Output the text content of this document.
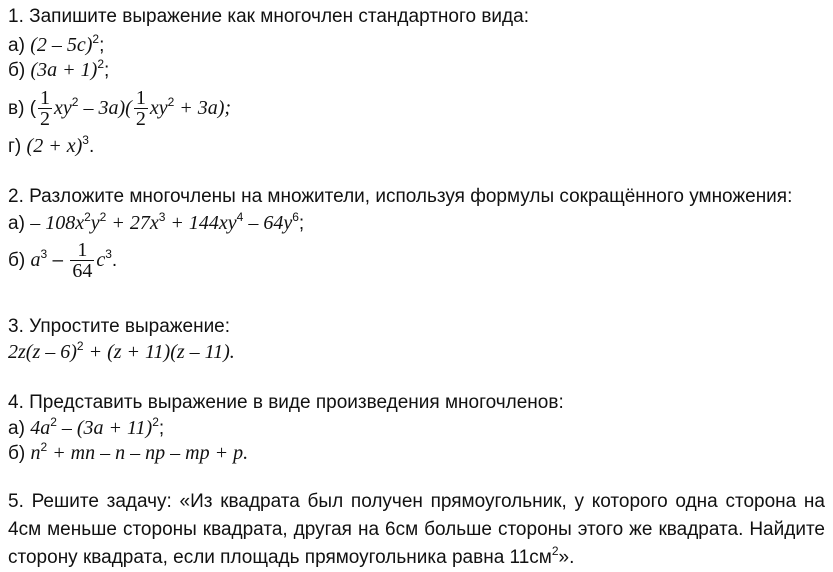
1. Запишите выражение как многочлен стандартного вида:
а) (2 – 5c)$^2$;
б) $(3a + 1)^2$;
в) ( $\frac{1}{2} xy^2 - 3a)( \frac{1}{2} xy^2 + 3a)$;
г) $(2 + x)^3$.
2. Разложите многочлены на множители, используя формулы сокращённого умножения:
$а) - 108x^2y^2 + 27x^3 + 144xy^4 - 64y^6$;
б) $a^3 - \frac{1}{64} c^3$.
3. Упростите выражение:
2z(z – 6)$^2$ + (z + 11)(z – 11).
4. Представить выражение в виде произведения многочленов:
а) $4a^2 - (3a + 11)^2$;
б) $n^2$ + mn – n – np – mp + p.
5. Решите задачу: «Из квадрата был получен прямоугольник, у которого одна сторона на
4см меньше стороны квадрата, другая на 6см больше стороны этого же квадрата. Найдите
сторону квадрата, если площадь прямоугольника равна $11см^2$».
